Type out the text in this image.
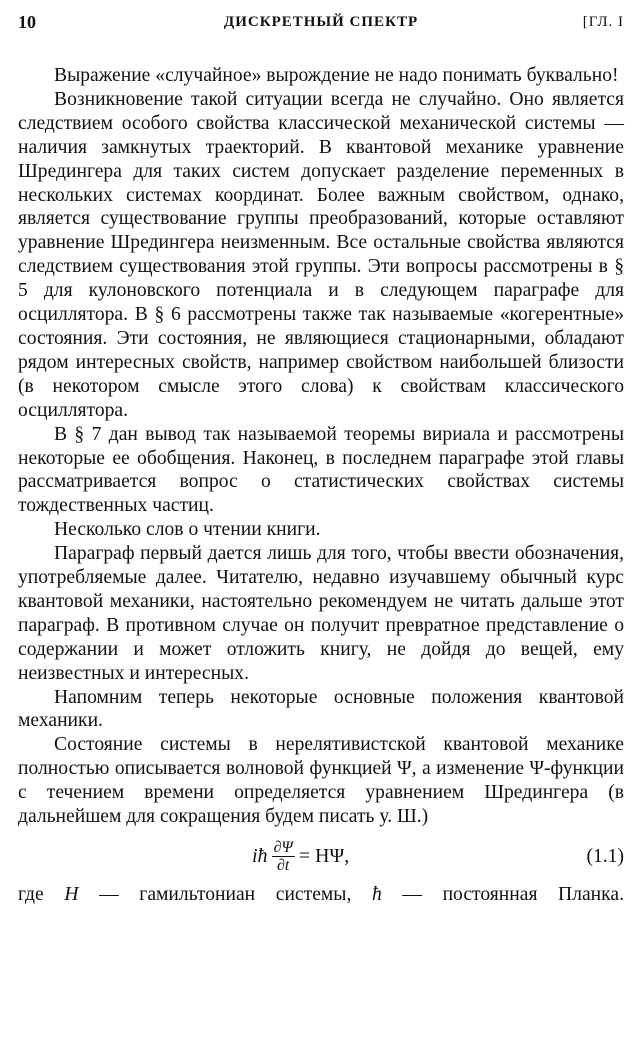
10	ДИСКРЕТНЫЙ СПЕКТР	[ГЛ. I

Выражение «случайное» вырождение не надо понимать буквально!

Возникновение такой ситуации всегда не случайно. Оно является следствием особого свойства классической механической системы — наличия замкнутых траекторий. В квантовой механике уравнение Шредингера для таких систем допускает разделение переменных в нескольких системах координат. Более важным свойством, однако, является существование группы преобразований, которые оставляют уравнение Шредингера неизменным. Все остальные свойства являются следствием существования этой группы. Эти вопросы рассмотрены в § 5 для кулоновского потенциала и в следующем параграфе для осциллятора. В § 6 рассмотрены также так называемые «когерентные» состояния. Эти состояния, не являющиеся стационарными, обладают рядом интересных свойств, например свойством наибольшей близости (в некотором смысле этого слова) к свойствам классического осциллятора.

В § 7 дан вывод так называемой теоремы вириала и рассмотрены некоторые ее обобщения. Наконец, в последнем параграфе этой главы рассматривается вопрос о статистических свойствах системы тождественных частиц.

Несколько слов о чтении книги.

Параграф первый дается лишь для того, чтобы ввести обозначения, употребляемые далее. Читателю, недавно изучавшему обычный курс квантовой механики, настоятельно рекомендуем не читать дальше этот параграф. В противном случае он получит превратное представление о содержании и может отложить книгу, не дойдя до вещей, ему неизвестных и интересных.

Напомним теперь некоторые основные положения квантовой механики.

Состояние системы в нерелятивистской квантовой механике полностью описывается волновой функцией Ψ, а изменение Ψ-функции с течением времени определяется уравнением Шредингера (в дальнейшем для сокращения будем писать у. Ш.)

iħ $\frac{\partial\Psi}{\partial t} = H\Psi$,	(1.1)
где H — гамильтониан системы, ħ — постоянная Планка.
